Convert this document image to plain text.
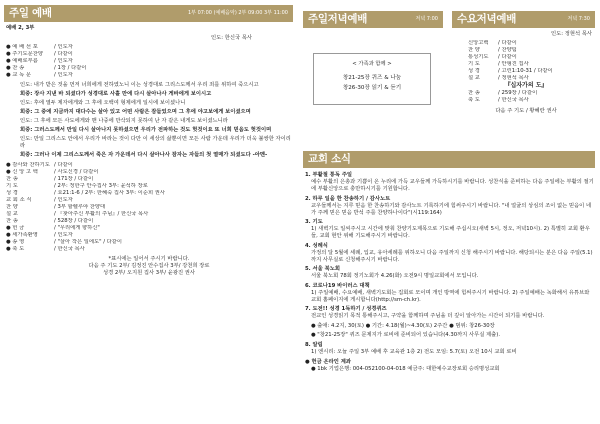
주일 예배	1부 07:00 (예배음악) 2부 09:00 3부 11:00
예배 2, 3부
인도: 한신국 목사
● 예 배 선 포	/ 인도자
● 주기도문찬양	/ 다같이
● 예배로부름	/ 인도자
● 찬 송	/ 1장 / 다같이
● 교 독 문	/ 인도자

인도: 내가 받은 것을 먼저 너희에게 전하였노니 이는 성경대로 그리스도께서 우리 죄를 위하여 죽으시고

회중: 장사 지낸 바 되셨다가 성경대로 사흘 만에 다시 살아나사 게바에게 보이시고

인도: 후에 열두 제자에게와 그 후에 오백여 형제에게 일시에 보이셨나니

회중: 그 중에 지금까지 대다수는 살아 있고 어떤 사람은 잠들었으며 그 후에 야고보에게 보이셨으며

인도: 그 후에 모든 사도에게와 맨 나중에 만삭되지 못하여 난 자 같은 내게도 보이셨느니라

회중: 그러스도께서 만일 다시 살아나지 못하셨으면 우리가 전파하는 것도 헛것이요 또 너희 믿음도 헛것이며

인도: 만일 그리스도 안에서 우리가 바라는 것이 다만 이 세상의 삶뿐이면 모든 사람 가운데 우리가 더욱 불쌍한 자이리라

회중: 그러나 이제 그리스도께서 죽은 자 가운데서 다시 살아나사 잠자는 자들의 첫 열매가 되셨도다 -아멘-

● 감사와 찬하기도 / 다같이
● 신 앙 고 백	/ 사도신경 / 다같이
찬 송	/ 171장 / 다같이
기 도	/ 2부: 정한구 안수집사 3부: 윤석하 장로
성 경	/ 요21:1-6 / 2부: 한혜숙 집사 3부: 이순희 권사
교 회 소 식	/ 인도자
찬 양	/ 3부 할렐루야 찬양대
설 교	/ 『찾아주신 부활의 주님』/ 한신국 목사
찬 송	/ 528장 / 다같이
● 헌 금	/ "우리에게 향하신"
● 세가족환영	/ 인도자
● 송 영	/ "살아 작은 일에도" / 다같이
● 축 도	/ 한신국 목사
*표시에는 일어서 주시기 바랍니다.
다음 주 기도 2부/ 김정진 안수집사 3부/ 강천희 장로
성경 2부/ 오지원 집사 3부/ 윤광진 권사
주일저녁예배	저녁 7:00
< 가족과 함께 >
창21-25장 퀴즈 & 나눔
창26-30장 읽기 & 듣기
수요저녁예배	저녁 7:30
인도: 정현석 목사
신앙고백	/ 다같이
찬 양	/ 찬양팀
통성기도	/ 다같이
기 도	/ 안형진 집사
성 경	/ 고린1:10-31 / 다같이
설 교	/ 정현석 목사
『십자가의 도』
찬 송	/ 259장 / 다같이
축 도	/ 한신국 목사
다음 주 기도 / 황혜란 권사
교회 소식
1. 부활절 통독 주일
예수 부활의 은총과 기쁨이 온 누리에 가득 교우들께 가득하시기를 바랍니다. 성찬식을 준비하는 다음 주일에는 부활의 절기에 부활신앙으로 충만하시기를 기원합니다.
2. 하루 일을 한 찬송하기 / 감사노트
교우들께서는 지루 믿음 한 찬송하기와 감사노트 기록하기에 힘써주시기 바랍니다. "내 얼굴의 상심의 조이 없는 믿음이 네가 주께 믿은 믿음 반석 주를 찬양하나이다"(시119:164)
3. 기도
1) 새벽기도 일씨주시고 시간에 맞춰 찬양기도제목으로 기도해 주십시오(새벽 5시, 정오, 저녁10시). 2) 특별히 교회 환우들, 교회 현안 위해 기도해주시기 바랍니다.
4. 성례식
가정의 달 5월에 세례, 입교, 유아세례를 위하오니 다음 주일까지 신청 해주시기 바랍니다. 해당되시는 분은 다음 주일(5.1)까지 사무실로 신청해주시기 바랍니다.
5. 서울 북노회
서울 북노회 78회 정기노회가 4.26(화) 오전9시 명일교회에서 모입니다.
6. 코로나19 바이러스 대책
1) 주일예배, 수요예배, 새벽기도회는 집회로 모이며 개인 방역에 힘써주시기 바랍니다. 2) 주일예배는 녹화해서 유튜브와 교회 홈페이지에 게시합니다(http://sm-ch.kr).
7. 도전!! 성경 1독하기 / 성경퀴즈
전교인 성경읽기 목적 통해주시고, 구약을 함께하며 주님을 더 깊이 알아가는 시간이 되기를 바랍니다.
● 출애: 4.2지, 30(토) ● 기간: 4.18(월)~4.30(토) 2주간 ● 범위: 창26-30장
● "창21-25장" 퀴즈 문제지가 로비에 준비되어 있습니다(4.30까지 사무실 제출).
8. 알림
1) 엔시리: 오늘 주일 3부 예배 후 교육관 1층 2) 전도 모임: 5.7(토) 오전 10시 교회 로비
● 헌금 온라인 계좌
● 1bk 기업은행: 004-052100-04-018 예금주: 대한예수교장로회 승리명성교회
